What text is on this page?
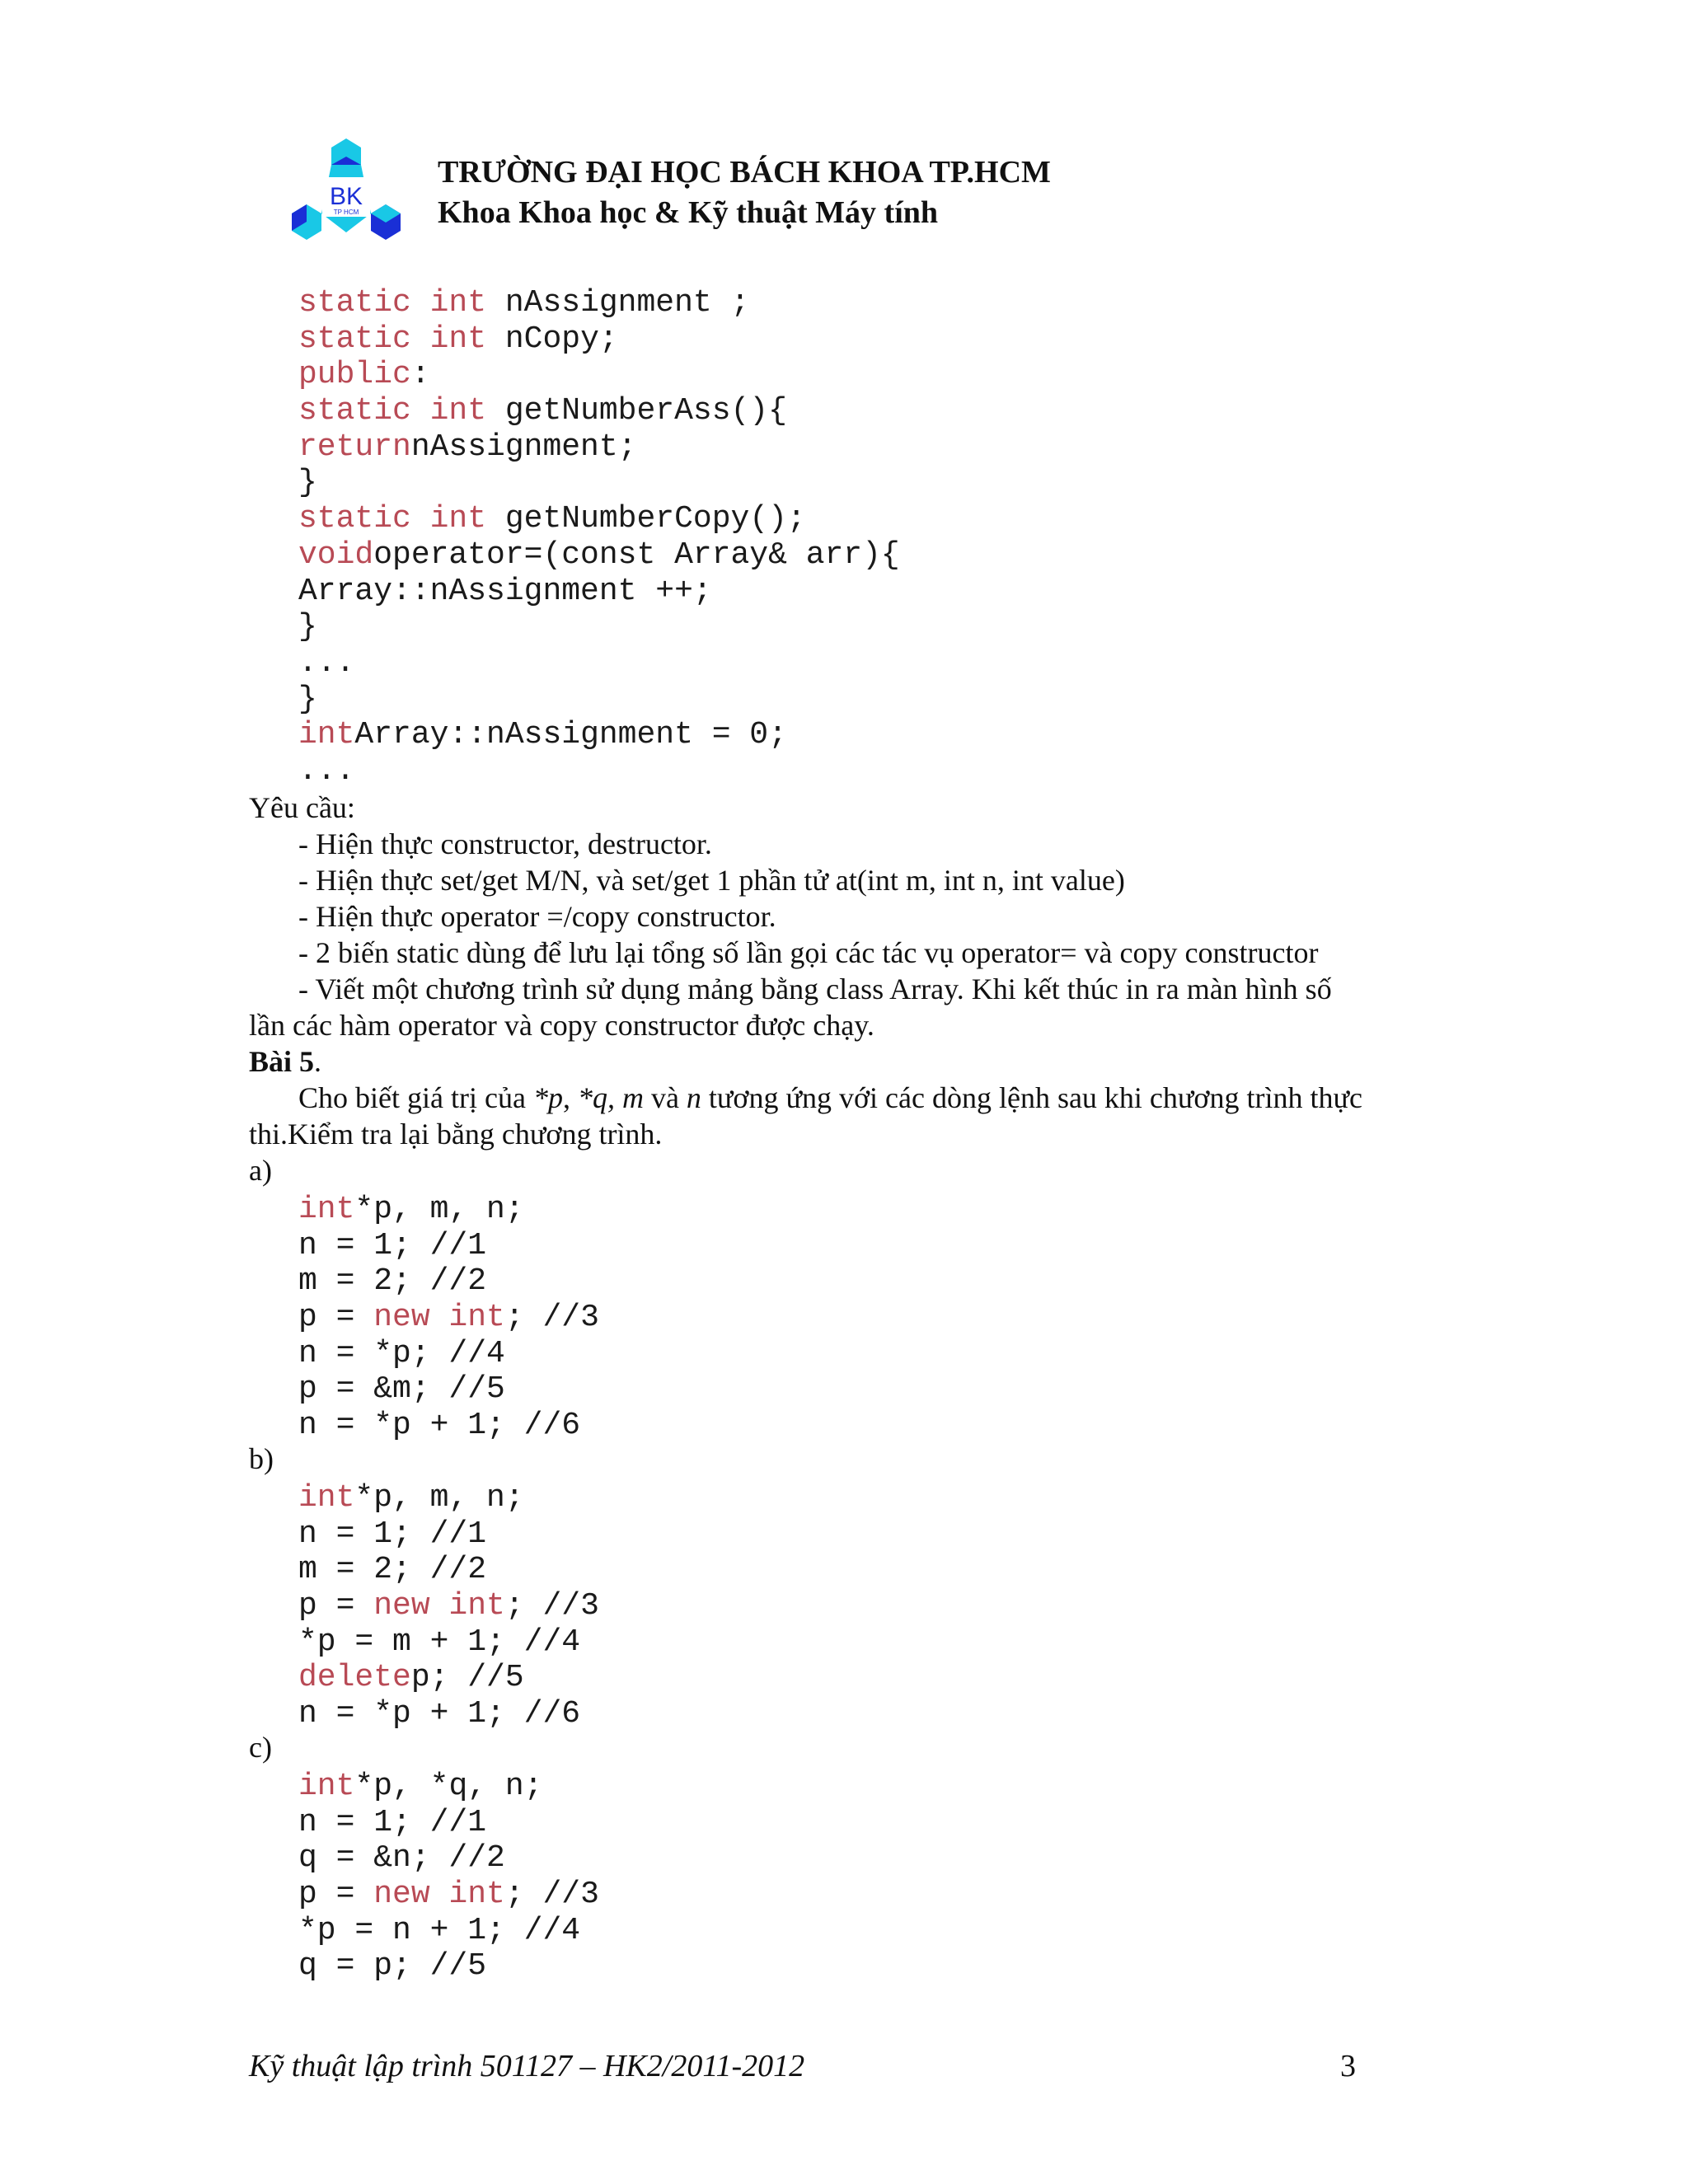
BK
TP HCM
TRƯỜNG ĐẠI HỌC BÁCH KHOA TP.HCM
Khoa Khoa học & Kỹ thuật Máy tính
static int nAssignment ;
static int nCopy;
public:
static int getNumberAss(){
returnnAssignment;
}
static int getNumberCopy();
voidoperator=(const Array& arr){
Array::nAssignment ++;
}
...
}
intArray::nAssignment = 0;
...
Yêu cầu:
- Hiện thực constructor, destructor.
- Hiện thực set/get M/N, và set/get 1 phần tử at(int m, int n, int value)
- Hiện thực operator =/copy constructor.
- 2 biến static dùng để lưu lại tổng số lần gọi các tác vụ operator= và copy constructor
- Viết một chương trình sử dụng mảng bằng class Array. Khi kết thúc in ra màn hình số
lần các hàm operator và copy constructor được chạy.
Bài 5.
Cho biết giá trị của *p, *q, m và n tương ứng với các dòng lệnh sau khi chương trình thực
thi.Kiểm tra lại bằng chương trình.
a)
int*p, m, n;
n = 1; //1
m = 2; //2
p = new int; //3
n = *p; //4
p = &m; //5
n = *p + 1; //6
b)
int*p, m, n;
n = 1; //1
m = 2; //2
p = new int; //3
*p = m + 1; //4
deletep; //5
n = *p + 1; //6
c)
int*p, *q, n;
n = 1; //1
q = &n; //2
p = new int; //3
*p = n + 1; //4
q = p; //5
Kỹ thuật lập trình 501127 – HK2/2011-2012	3
